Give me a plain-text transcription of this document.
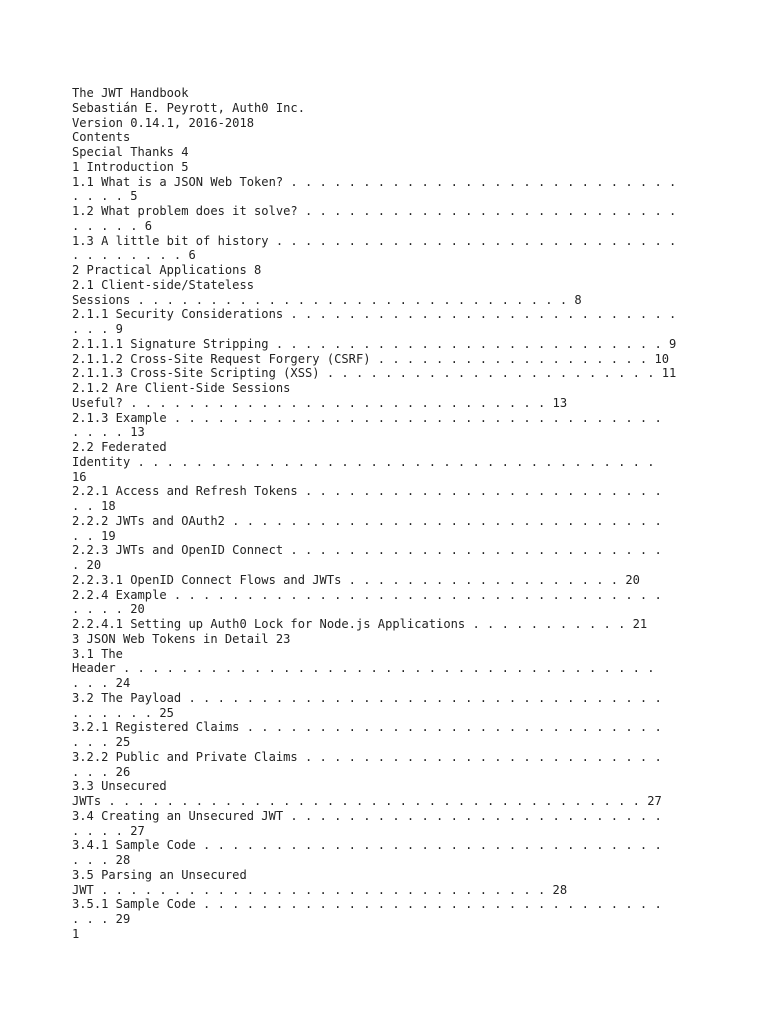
The JWT Handbook
Sebastián E. Peyrott, Auth0 Inc.
Version 0.14.1, 2016-2018
Contents
Special Thanks 4
1 Introduction 5
1.1 What is a JSON Web Token? . . . . . . . . . . . . . . . . . . . . . . . . . . .
. . . . 5
1.2 What problem does it solve? . . . . . . . . . . . . . . . . . . . . . . . . . .
. . . . . 6
1.3 A little bit of history . . . . . . . . . . . . . . . . . . . . . . . . . . . .
. . . . . . . . 6
2 Practical Applications 8
2.1 Client-side/Stateless
Sessions . . . . . . . . . . . . . . . . . . . . . . . . . . . . . . 8
2.1.1 Security Considerations . . . . . . . . . . . . . . . . . . . . . . . . . . .
. . . 9
2.1.1.1 Signature Stripping . . . . . . . . . . . . . . . . . . . . . . . . . . . 9
2.1.1.2 Cross-Site Request Forgery (CSRF) . . . . . . . . . . . . . . . . . . . 10
2.1.1.3 Cross-Site Scripting (XSS) . . . . . . . . . . . . . . . . . . . . . . . 11
2.1.2 Are Client-Side Sessions
Useful? . . . . . . . . . . . . . . . . . . . . . . . . . . . . . 13
2.1.3 Example . . . . . . . . . . . . . . . . . . . . . . . . . . . . . . . . . .
. . . . 13
2.2 Federated
Identity . . . . . . . . . . . . . . . . . . . . . . . . . . . . . . . . . . . .
16
2.2.1 Access and Refresh Tokens . . . . . . . . . . . . . . . . . . . . . . . . .
. . 18
2.2.2 JWTs and OAuth2 . . . . . . . . . . . . . . . . . . . . . . . . . . . . . .
. . 19
2.2.3 JWTs and OpenID Connect . . . . . . . . . . . . . . . . . . . . . . . . . .
. 20
2.2.3.1 OpenID Connect Flows and JWTs . . . . . . . . . . . . . . . . . . . 20
2.2.4 Example . . . . . . . . . . . . . . . . . . . . . . . . . . . . . . . . . .
. . . . 20
2.2.4.1 Setting up Auth0 Lock for Node.js Applications . . . . . . . . . . . 21
3 JSON Web Tokens in Detail 23
3.1 The
Header . . . . . . . . . . . . . . . . . . . . . . . . . . . . . . . . . . . . .
. . . 24
3.2 The Payload . . . . . . . . . . . . . . . . . . . . . . . . . . . . . . . . .
. . . . . . 25
3.2.1 Registered Claims . . . . . . . . . . . . . . . . . . . . . . . . . . . . .
. . . 25
3.2.2 Public and Private Claims . . . . . . . . . . . . . . . . . . . . . . . . .
. . . 26
3.3 Unsecured
JWTs . . . . . . . . . . . . . . . . . . . . . . . . . . . . . . . . . . . . . 27
3.4 Creating an Unsecured JWT . . . . . . . . . . . . . . . . . . . . . . . . . .
. . . . 27
3.4.1 Sample Code . . . . . . . . . . . . . . . . . . . . . . . . . . . . . . . .
. . . 28
3.5 Parsing an Unsecured
JWT . . . . . . . . . . . . . . . . . . . . . . . . . . . . . . . 28
3.5.1 Sample Code . . . . . . . . . . . . . . . . . . . . . . . . . . . . . . . .
. . . 29
1
